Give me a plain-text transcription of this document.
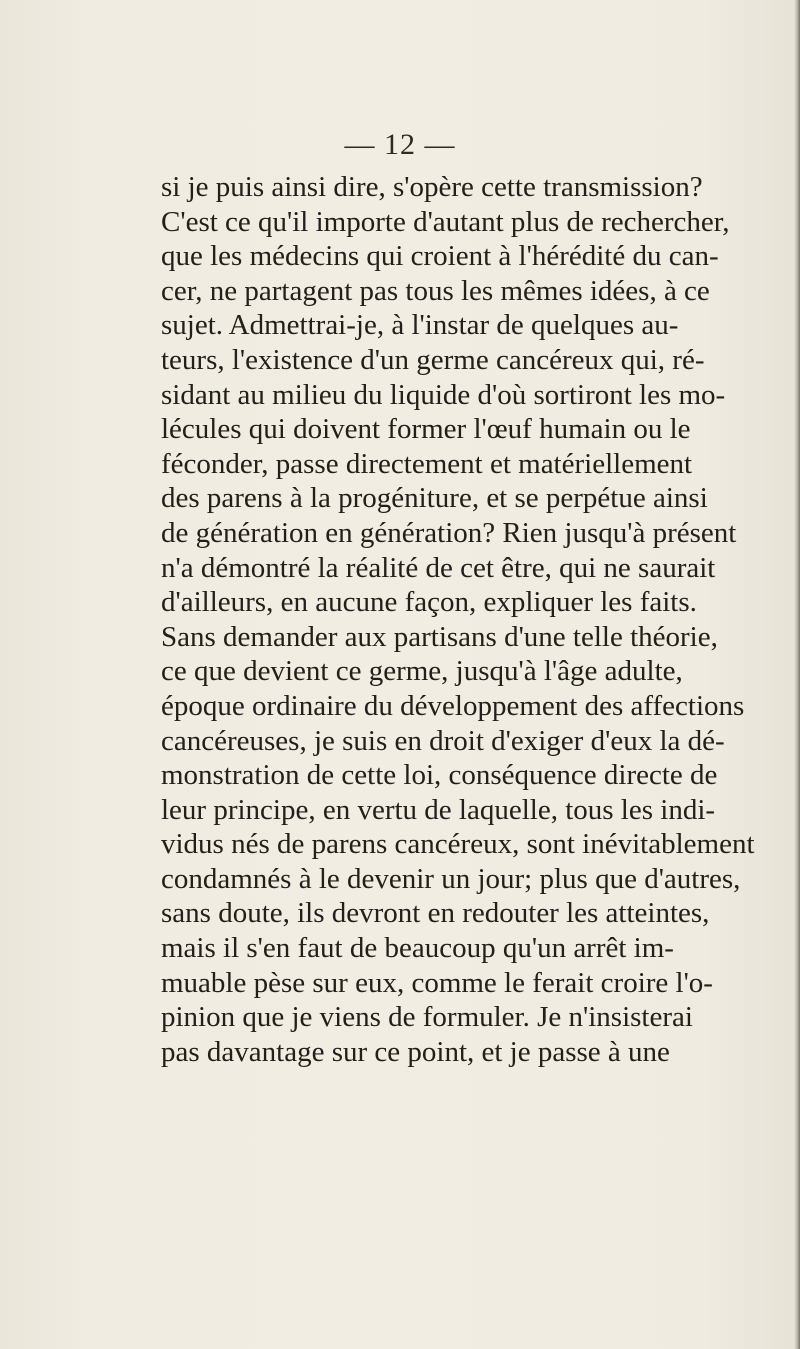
— 12 —
si je puis ainsi dire, s'opère cette transmission?
C'est ce qu'il importe d'autant plus de rechercher,
que les médecins qui croient à l'hérédité du can-
cer, ne partagent pas tous les mêmes idées, à ce
sujet. Admettrai-je, à l'instar de quelques au-
teurs, l'existence d'un germe cancéreux qui, ré-
sidant au milieu du liquide d'où sortiront les mo-
lécules qui doivent former l'œuf humain ou le
féconder, passe directement et matériellement
des parens à la progéniture, et se perpétue ainsi
de génération en génération? Rien jusqu'à présent
n'a démontré la réalité de cet être, qui ne saurait
d'ailleurs, en aucune façon, expliquer les faits.
Sans demander aux partisans d'une telle théorie,
ce que devient ce germe, jusqu'à l'âge adulte,
époque ordinaire du développement des affections
cancéreuses, je suis en droit d'exiger d'eux la dé-
monstration de cette loi, conséquence directe de
leur principe, en vertu de laquelle, tous les indi-
vidus nés de parens cancéreux, sont inévitablement
condamnés à le devenir un jour; plus que d'autres,
sans doute, ils devront en redouter les atteintes,
mais il s'en faut de beaucoup qu'un arrêt im-
muable pèse sur eux, comme le ferait croire l'o-
pinion que je viens de formuler. Je n'insisterai
pas davantage sur ce point, et je passe à une
